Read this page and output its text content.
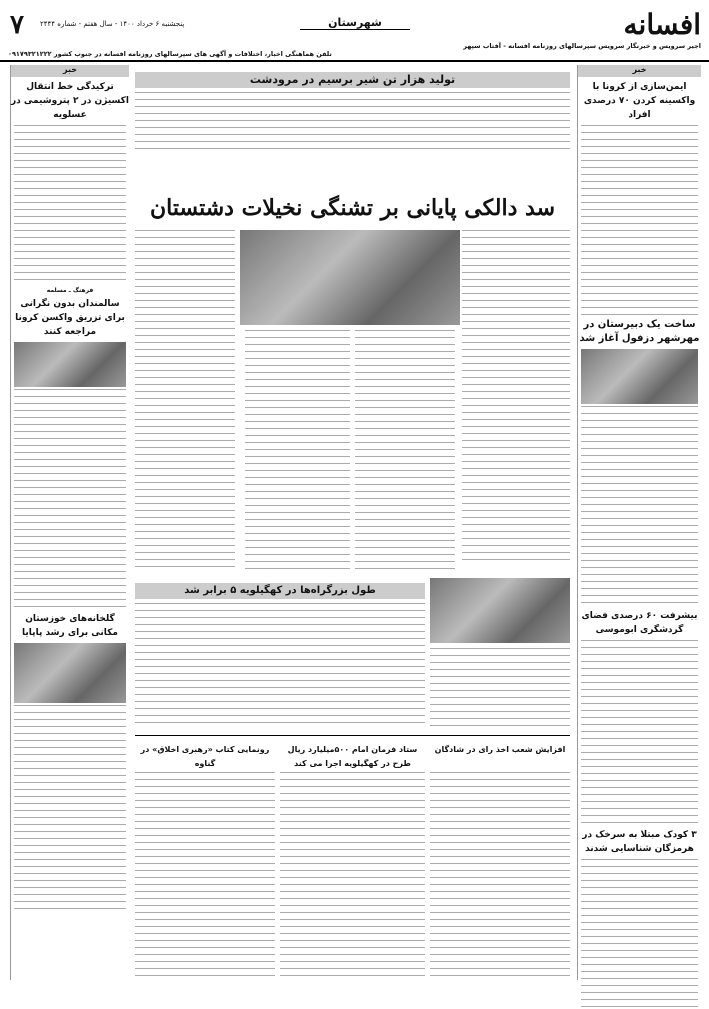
افسانه
۷	شهرستان
پنجشنبه ۶ خرداد ۱۴۰۰ - سال هفتم - شماره ۲۴۴۴
اجیر سرویس و خبرنگار سرویس سپرسالهای روزنامه افسانه - آفتاب سپهر
تلفن هماهنگی اخبار، اختلافات و آگهی های سپرسالهای روزنامه افسانه در جنوب کشور ۰۹۱۷۹۳۲۱۲۲۲
خبر
ایمن‌سازی از کرونا با واکسینه کردن ۷۰ درصدی افراد
ساخت یک دبیرستان در مهرشهر دزفول آغاز شد
بیشرفت ۶۰ درصدی فضای گردشگری ابوموسی
۳ کودک مبتلا به سرخک در هرمزگان شناسایی شدند
خبر
ترکیدگی خط انتقال اکسیژن در ۲ پتروشیمی در عسلویه
فرهنگ ـ مسلمه
سالمندان بدون نگرانی برای تزریق واکسن کرونا مراجعه کنند
گلخانه‌های خوزستان مکانی برای رشد پاپایا
تولید هزار تن شیر برسیم در مرودشت
سد دالکی پایانی بر تشنگی نخیلات دشتستان
طول بزرگراه‌ها در کهگیلویه ۵ برابر شد
رونمایی کتاب «رهبری اخلاق» در گناوه
ستاد فرمان امام ۵۰۰میلیارد ریال طرح در کهگیلویه اجرا می کند
افزایش شعب اخذ رای در شادگان
